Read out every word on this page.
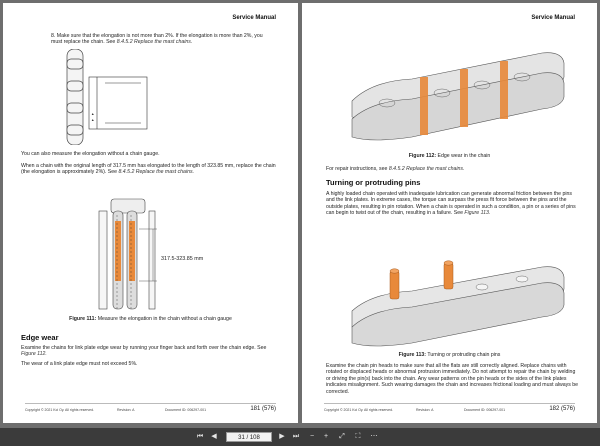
Service Manual
8. Make sure that the elongation is not more than 2%. If the elongation is more than 2%, you must replace the chain. See 8.4.5.2 Replace the mast chains.
▲
▲
You can also measure the elongation without a chain gauge.
When a chain with the original length of 317.5 mm has elongated to the length of 323.85 mm, replace the chain (the elongation is approximately 2%). See 8.4.5.2 Replace the mast chains.
317.5-323.85 mm
Figure 111: Measure the elongation in the chain without a chain gauge
Edge wear
Examine the chains for link plate edge wear by running your finger back and forth over the chain edge. See Figure 112.
The wear of a link plate edge must not exceed 5%.
Copyright © 2021 Kci Oy. All rights reserved.	Revision: A	Document ID: 006297-001	181 (576)
Service Manual
Figure 112: Edge wear in the chain
For repair instructions, see 8.4.5.2 Replace the mast chains.
Turning or protruding pins
A highly loaded chain operated with inadequate lubrication can generate abnormal friction between the pins and the link plates. In extreme cases, the torque can surpass the press fit force between the pins and the outside plates, resulting in pin rotation. When a chain is operated in such a condition, a pin or a series of pins can begin to twist out of the chain, resulting in a failure. See Figure 113.
Figure 113: Turning or protruding chain pins
Examine the chain pin heads to make sure that all the flats are still correctly aligned. Replace chains with rotated or displaced heads or abnormal protrusion immediately. Do not attempt to repair the chain by welding or driving the pin(s) back into the chain. Any wear patterns on the pin heads or the sides of the link plates indicates misalignment. Such wearing damages the chain and increases frictional loading and must always be corrected.
Copyright © 2021 Kci Oy. All rights reserved.	Revision: A	Document ID: 006297-001	182 (576)
⏮	◀	31 / 108	▶	⏭	−	+	⤢	⛶	⋯
